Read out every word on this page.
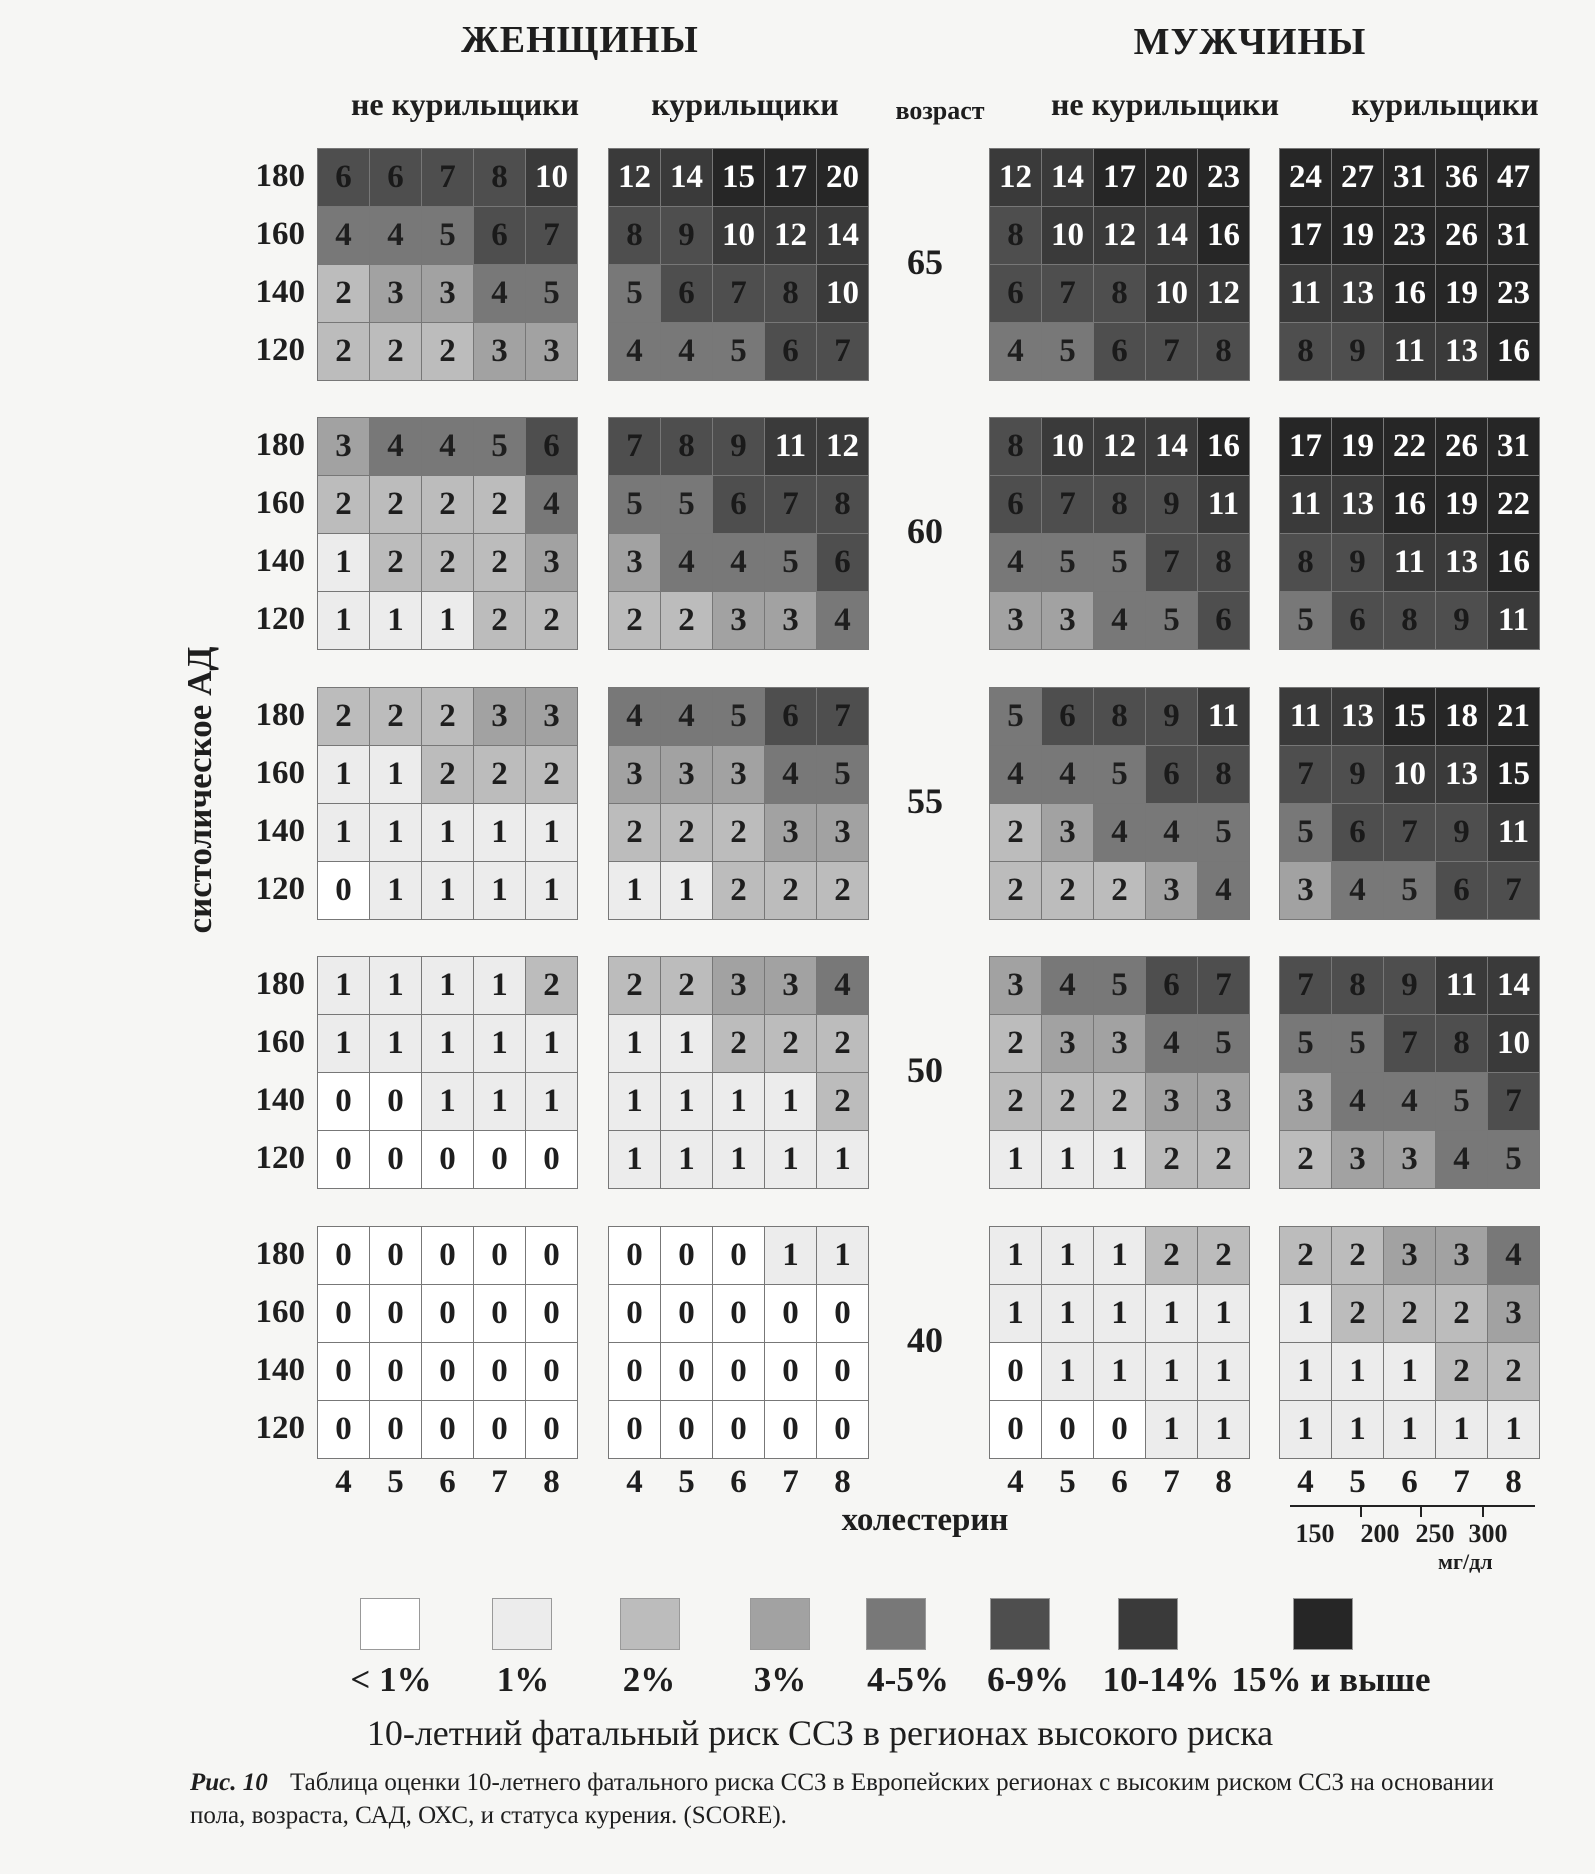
ЖЕНЩИНЫ	МУЖЧИНЫ
не курильщики	курильщики	возраст	не курильщики	курильщики
систолическое АД
180
160
140
120
65
6	6	7	8 10
4	4	5	6	7
2	3	3	4	5
2	2	2	3	3
12 14 15 17 20
8	9 10 12 14
5	6	7	8 10
4	4	5	6	7
12 14 17 20 23
8 10 12 14 16
6	7	8 10 12
4	5	6	7	8
24 27 31 36 47
17 19 23 26 31
11 13 16 19 23
8	9 11 13 16
180
160
140
120
60
3	4	4	5	6
2	2	2	2	4
1	2	2	2	3
1	1	1	2	2
7	8	9 11 12
5	5	6	7	8
3	4	4	5	6
2	2	3	3	4
8 10 12 14 16
6	7	8	9 11
4	5	5	7	8
3	3	4	5	6
17 19 22 26 31
11 13 16 19 22
8	9 11 13 16
5	6	8	9 11
180
160
140
120
55
2	2	2	3	3
1	1	2	2	2
1	1	1	1	1
0	1	1	1	1
4	4	5	6	7
3	3	3	4	5
2	2	2	3	3
1	1	2	2	2
5	6	8	9 11
4	4	5	6	8
2	3	4	4	5
2	2	2	3	4
11 13 15 18 21
7	9 10 13 15
5	6	7	9 11
3	4	5	6	7
180
160
140
120
50
1	1	1	1	2
1	1	1	1	1
0	0	1	1	1
0	0	0	0	0
2	2	3	3	4
1	1	2	2	2
1	1	1	1	2
1	1	1	1	1
3	4	5	6	7
2	3	3	4	5
2	2	2	3	3
1	1	1	2	2
7	8	9 11 14
5	5	7	8 10
3	4	4	5	7
2	3	3	4	5
180
160
140
120
40
0	0	0	0	0
0	0	0	0	0
0	0	0	0	0
0	0	0	0	0
0	0	0	1	1
0	0	0	0	0
0	0	0	0	0
0	0	0	0	0
1	1	1	2	2
1	1	1	1	1
0	1	1	1	1
0	0	0	1	1
2	2	3	3	4
1	2	2	2	3
1	1	1	2	2
1	1	1	1	1
4	5	6	7	8	4	5	6	7	8	4	5	6	7	8	4	5	6	7	8
холестерин	150	200 250 300
мг/дл
< 1%	1%	2%	3%	4-5%	6-9% 10-14% 15% и выше
10-летний фатальный риск ССЗ в регионах высокого риска
Рис. 10 Таблица оценки 10-летнего фатального риска ССЗ в Европейских регионах с высоким риском ССЗ на основании пола, возраста, САД, ОХС, и статуса курения. (SCORE).
